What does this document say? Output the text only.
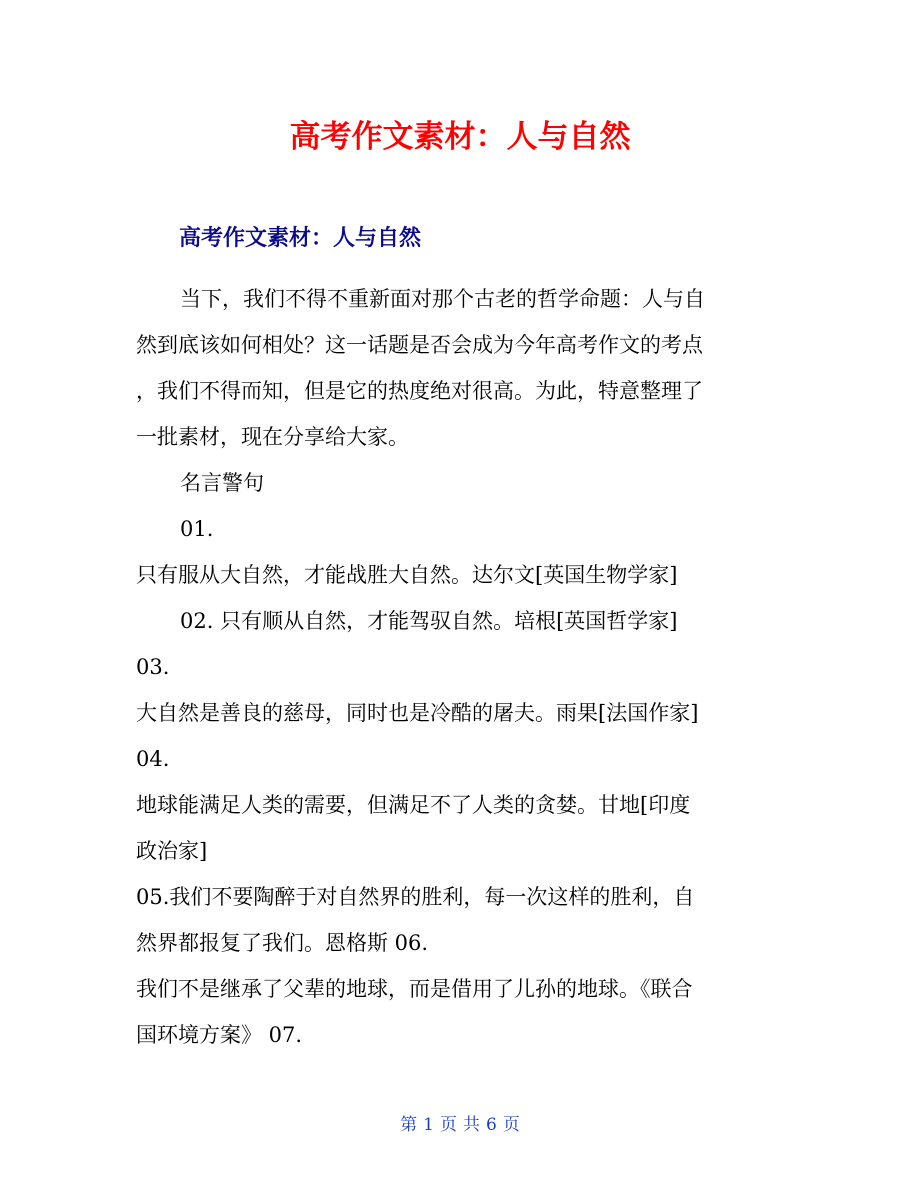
高考作文素材：人与自然
高考作文素材：人与自然
当下，我们不得不重新面对那个古老的哲学命题：人与自
然到底该如何相处？这一话题是否会成为今年高考作文的考点
，我们不得而知，但是它的热度绝对很高。为此，特意整理了
一批素材，现在分享给大家。
名言警句
01.
只有服从大自然，才能战胜大自然。达尔文[英国生物学家]
02. 只有顺从自然，才能驾驭自然。培根[英国哲学家]
03.
大自然是善良的慈母，同时也是冷酷的屠夫。雨果[法国作家]
04.
地球能满足人类的需要，但满足不了人类的贪婪。甘地[印度
政治家]
05.我们不要陶醉于对自然界的胜利，每一次这样的胜利，自
然界都报复了我们。恩格斯 06.
我们不是继承了父辈的地球，而是借用了儿孙的地球。《联合
国环境方案》 07.
第 1 页 共 6 页
